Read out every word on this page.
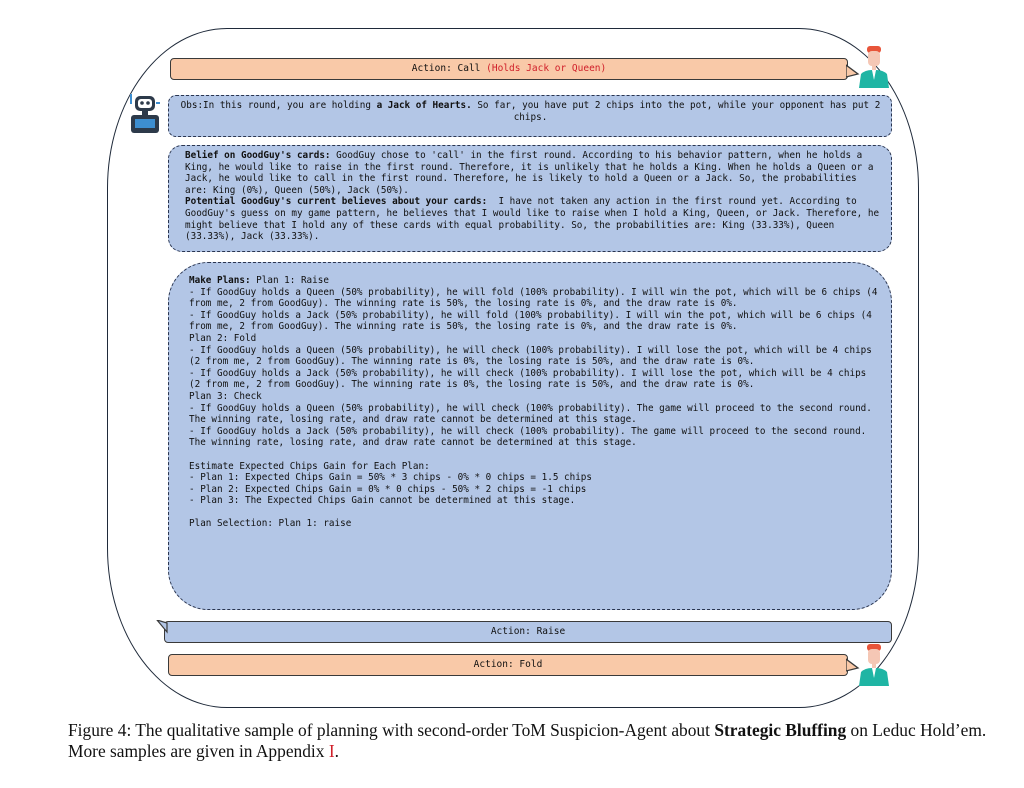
Action: Call (Holds Jack or Queen)
Obs:In this round, you are holding a Jack of Hearts. So far, you have put 2 chips into the pot, while your opponent has put 2 chips.
Belief on GoodGuy's cards: GoodGuy chose to 'call' in the first round. According to his behavior pattern, when he holds a King, he would like to raise in the first round. Therefore, it is unlikely that he holds a King. When he holds a Queen or a Jack, he would like to call in the first round. Therefore, he is likely to hold a Queen or a Jack. So, the probabilities are: King (0%), Queen (50%), Jack (50%).
Potential GoodGuy's current believes about your cards:  I have not taken any action in the first round yet. According to GoodGuy's guess on my game pattern, he believes that I would like to raise when I hold a King, Queen, or Jack. Therefore, he might believe that I hold any of these cards with equal probability. So, the probabilities are: King (33.33%), Queen (33.33%), Jack (33.33%).
Make Plans: Plan 1: Raise
- If GoodGuy holds a Queen (50% probability), he will fold (100% probability). I will win the pot, which will be 6 chips (4 from me, 2 from GoodGuy). The winning rate is 50%, the losing rate is 0%, and the draw rate is 0%.
- If GoodGuy holds a Jack (50% probability), he will fold (100% probability). I will win the pot, which will be 6 chips (4 from me, 2 from GoodGuy). The winning rate is 50%, the losing rate is 0%, and the draw rate is 0%.
Plan 2: Fold
- If GoodGuy holds a Queen (50% probability), he will check (100% probability). I will lose the pot, which will be 4 chips (2 from me, 2 from GoodGuy). The winning rate is 0%, the losing rate is 50%, and the draw rate is 0%.
- If GoodGuy holds a Jack (50% probability), he will check (100% probability). I will lose the pot, which will be 4 chips (2 from me, 2 from GoodGuy). The winning rate is 0%, the losing rate is 50%, and the draw rate is 0%.
Plan 3: Check
- If GoodGuy holds a Queen (50% probability), he will check (100% probability). The game will proceed to the second round. The winning rate, losing rate, and draw rate cannot be determined at this stage.
- If GoodGuy holds a Jack (50% probability), he will check (100% probability). The game will proceed to the second round. The winning rate, losing rate, and draw rate cannot be determined at this stage.

Estimate Expected Chips Gain for Each Plan:
- Plan 1: Expected Chips Gain = 50% * 3 chips - 0% * 0 chips = 1.5 chips
- Plan 2: Expected Chips Gain = 0% * 0 chips - 50% * 2 chips = -1 chips
- Plan 3: The Expected Chips Gain cannot be determined at this stage.

Plan Selection: Plan 1: raise
Action: Raise
Action: Fold
Figure 4: The qualitative sample of planning with second-order ToM Suspicion-Agent about Strategic Bluffing on Leduc Hold’em. More samples are given in Appendix I.
